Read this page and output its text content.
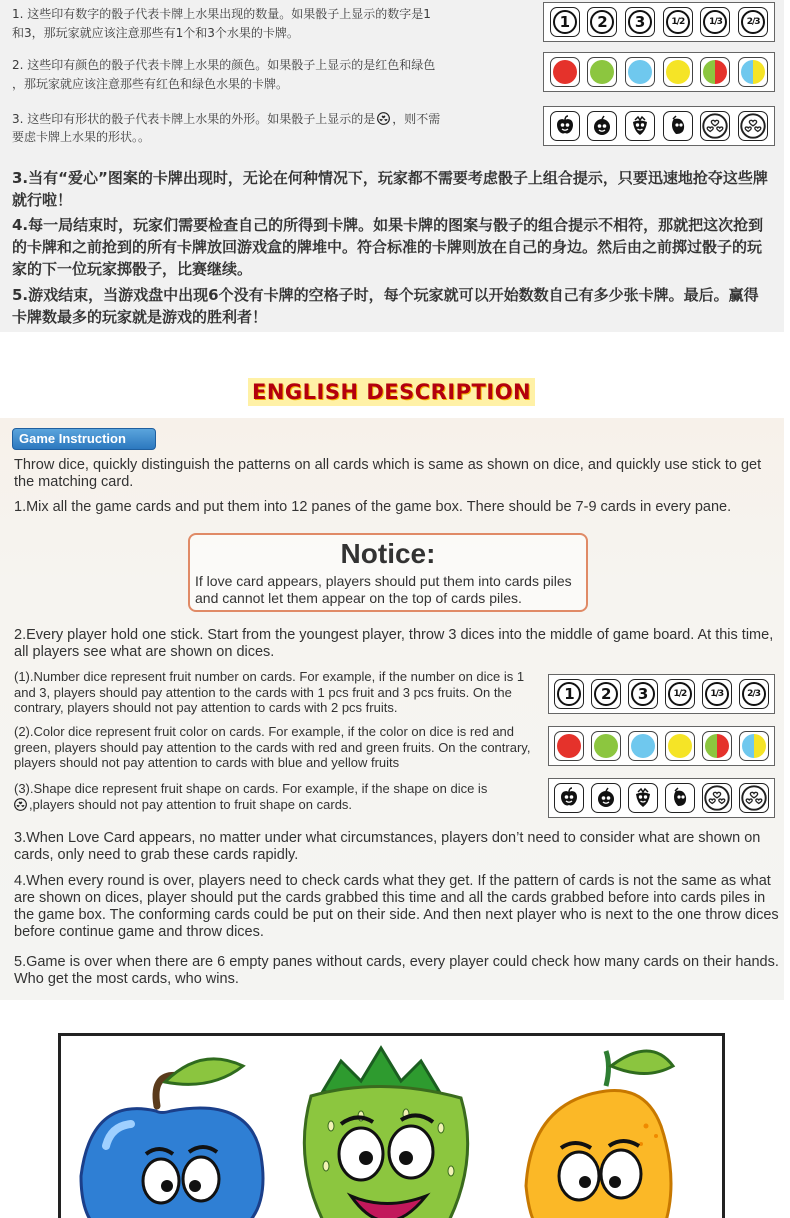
1. 这些印有数字的骰子代表卡牌上水果出现的数量。如果骰子上显示的数字是1
和3，那玩家就应该注意那些有1个和3个水果的卡牌。
2. 这些印有颜色的骰子代表卡牌上水果的颜色。如果骰子上显示的是红色和绿色
，那玩家就应该注意那些有红色和绿色水果的卡牌。
3. 这些印有形状的骰子代表卡牌上水果的外形。如果骰子上显示的是 ，则不需
要虑卡牌上水果的形状。。
3.当有“爱心”图案的卡牌出现时，无论在何种情况下，玩家都不需要考虑骰子上组合提示，只要迅速地抢夺这些牌就行啦！
4.每一局结束时，玩家们需要检查自己的所得到卡牌。如果卡牌的图案与骰子的组合提示不相符，那就把这次抢到的卡牌和之前抢到的所有卡牌放回游戏盒的牌堆中。符合标准的卡牌则放在自己的身边。然后由之前掷过骰子的玩家的下一位玩家掷骰子，比赛继续。
5.游戏结束，当游戏盘中出现6个没有卡牌的空格子时，每个玩家就可以开始数数自己有多少张卡牌。最后。赢得卡牌数最多的玩家就是游戏的胜利者！
1	2	3	1/2	1/3	2/3
ENGLISH DESCRIPTION
Game Instruction
Throw dice, quickly distinguish the patterns on all cards which is same as shown on dice, and quickly use stick to get the matching card.
1.Mix all the game cards and put them into 12 panes of the game box. There should be 7-9 cards in every pane.
Notice:
If love card appears, players should put them into cards piles and cannot let them appear on the top of cards piles.
2.Every player hold one stick. Start from the youngest player, throw 3 dices into the middle of game board. At this time, all players see what are shown on dices.
(1).Number dice represent fruit number on cards. For example, if the number on dice is 1 and 3, players should pay attention to the cards with 1 pcs fruit and 3 pcs fruits. On the contrary, players should not pay attention to cards with 2 pcs fruits.
(2).Color dice represent fruit color on cards. For example, if the color on dice is red and green, players should pay attention to the cards with red and green fruits. On the contrary, players should not pay attention to cards with blue and yellow fruits
(3).Shape dice represent fruit shape on cards. For example, if the shape on dice is
,players should not pay attention to fruit shape on cards.
1	2	3	1/2	1/3	2/3
3.When Love Card appears, no matter under what circumstances, players don’t need to consider what are shown on cards, only need to grab these cards rapidly.
4.When every round is over, players need to check cards what they get. If the pattern of cards is not the same as what are shown on dices, player should put the cards grabbed this time and all the cards grabbed before into cards piles in the game box. The conforming cards could be put on their side. And then next player who is next to the one throw dices before continue game and throw dices.
5.Game is over when there are 6 empty panes without cards, every player could check how many cards on their hands. Who get the most cards, who wins.
